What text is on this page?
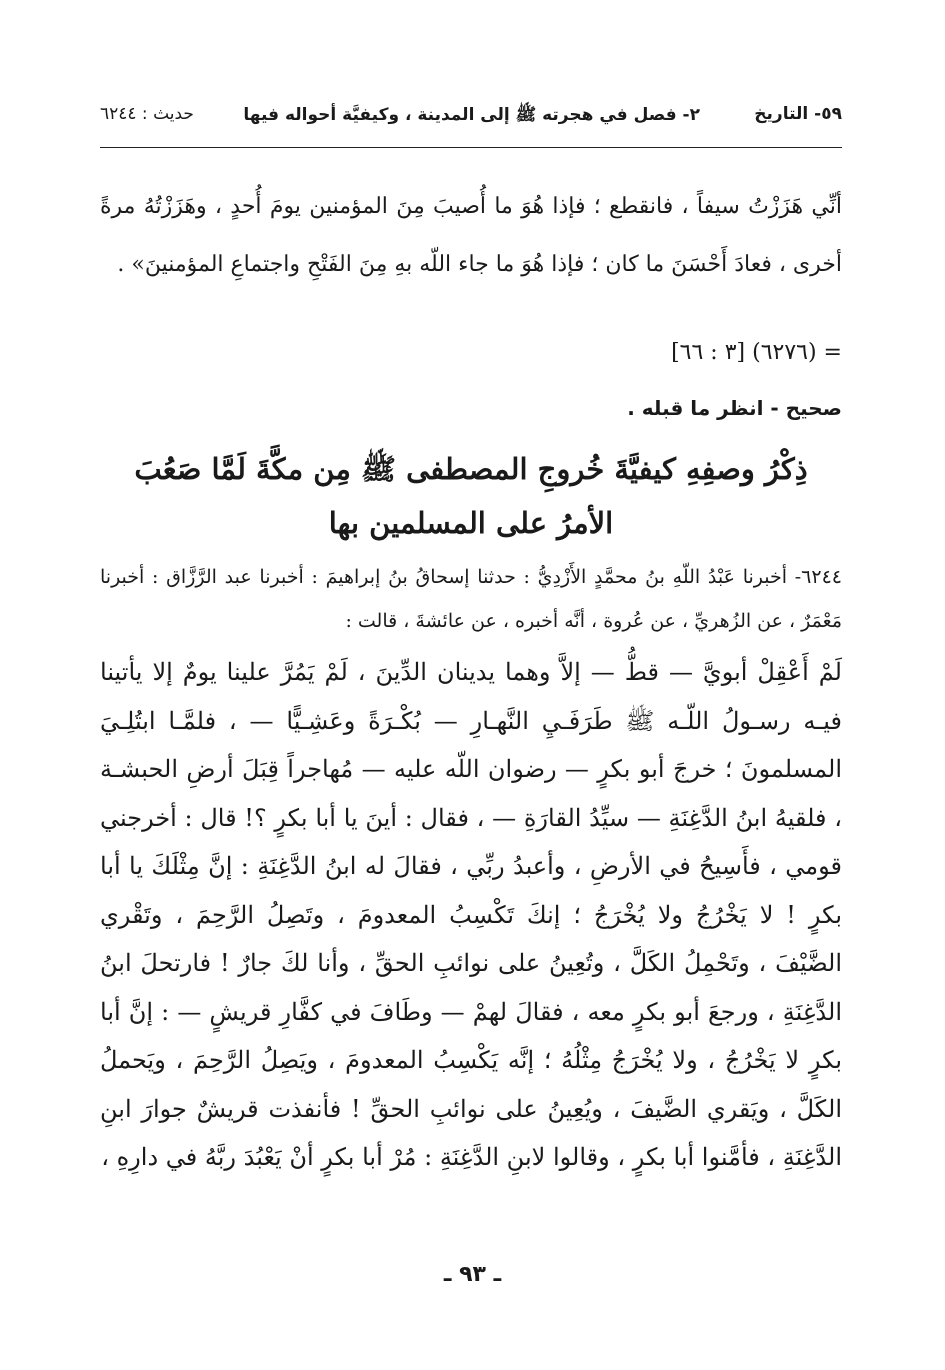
٥٩- التاريخ
٢- فصل في هجرته ﷺ إلى المدينة ، وكيفيَّة أحواله فيها
حديث : ٦٢٤٤
أنِّي هَزَزْتُ سيفاً ، فانقطع ؛ فإذا هُوَ ما أُصيبَ مِنَ المؤمنين يومَ أُحدٍ ، وهَزَزْتُهُ مرةً أخرى ، فعادَ أَحْسَنَ ما كان ؛ فإذا هُوَ ما جاء اللّه بهِ مِنَ الفَتْحِ واجتماعِ المؤمنينَ» .
= (٦٢٧٦) [٣ : ٦٦]
صحيح - انظر ما قبله .
ذِكْرُ وصفِهِ كيفيَّةَ خُروجِ المصطفى ﷺ مِن مكَّةَ لَمَّا صَعُبَ
الأمرُ على المسلمين بها
٦٢٤٤- أخبرنا عَبْدُ اللّهِ بنُ محمَّدٍ الأَزْدِيُّ : حدثنا إسحاقُ بنُ إبراهيمَ : أخبرنا عبد الرَّزَّاق : أخبرنا مَعْمَرٌ ، عن الزُهريِّ ، عن عُروة ، أنَّه أخبره ، عن عائشةَ ، قالت :
لَمْ أَعْقِلْ أبويَّ — قطُّ — إلاَّ وهما يدينان الدِّينَ ، لَمْ يَمُرَّ علينا يومٌ إلا يأتينا فيـه رسـولُ اللّـه ﷺ طَرَفَـيِ النَّهـارِ — بُكْـرَةً وعَشِـيًّا — ، فلمَّـا ابتُلِـيَ المسلمونَ ؛ خرجَ أبو بكرٍ — رضوان اللّه عليه — مُهاجراً قِبَلَ أرضِ الحبشـة ، فلقيهُ ابنُ الدَّغِنَةِ — سيِّدُ القارَةِ — ، فقال : أينَ يا أبا بكرٍ ؟! قال : أخرجني قومي ، فأَسِيحُ في الأرضِ ، وأعبدُ ربِّي ، فقالَ له ابنُ الدَّغِنَةِ : إنَّ مِثْلَكَ يا أبا بكرٍ ! لا يَخْرُجُ ولا يُخْرَجُ ؛ إنكَ تَكْسِبُ المعدومَ ، وتَصِلُ الرَّحِمَ ، وتَقْري الضَّيْفَ ، وتَحْمِلُ الكَلَّ ، وتُعِينُ على نوائبِ الحقِّ ، وأنا لكَ جارٌ ! فارتحلَ ابنُ الدَّغِنَةِ ، ورجعَ أبو بكرٍ معه ، فقالَ لهمْ — وطَافَ في كفَّارِ قريشٍ — : إنَّ أبا بكرٍ لا يَخْرُجُ ، ولا يُخْرَجُ مِثْلُهُ ؛ إنَّه يَكْسِبُ المعدومَ ، ويَصِلُ الرَّحِمَ ، ويَحملُ الكَلَّ ، ويَقري الضَّيفَ ، ويُعِينُ على نوائبِ الحقِّ ! فأنفذت قريشٌ جوارَ ابنِ الدَّغِنَةِ ، فأمَّنوا أبا بكرٍ ، وقالوا لابنِ الدَّغِنَةِ : مُرْ أبا بكرٍ أنْ يَعْبُدَ ربَّهُ في دارِهِ ،
ـ ٩٣ ـ
